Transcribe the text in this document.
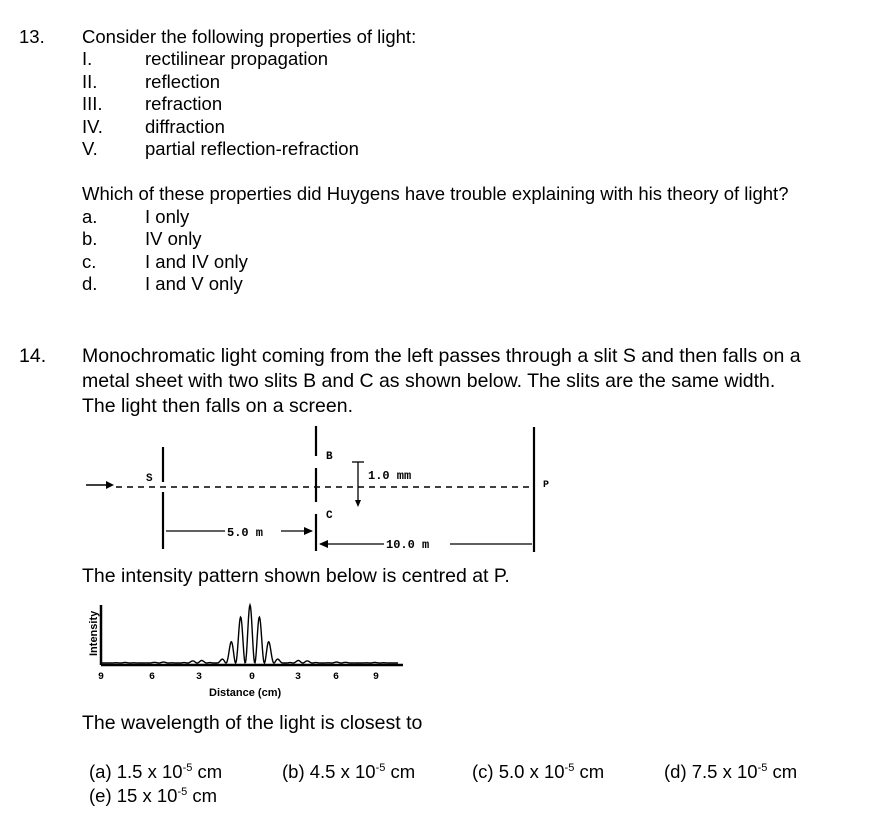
13. Consider the following properties of light:
I.	rectilinear propagation
II.	reflection
III. refraction
IV. diffraction
V.	partial reflection-refraction
Which of these properties did Huygens have trouble explaining with his theory of light?
a.	I only
b.	IV only
c.	I and IV only
d.	I and V only
14. Monochromatic light coming from the left passes through a slit S and then falls on a
metal sheet with two slits B and C as shown below. The slits are the same width.
The light then falls on a screen.
S
B
C
P
1.0 mm
5.0 m
10.0 m
The intensity pattern shown below is centred at P.
Intensity
9	6	3	0	3	6	9
Distance (cm)
The wavelength of the light is closest to
(a) 1.5 x $10^{-5}$ cm	(b) 4.5 x $10^{-5}$ cm	(c) 5.0 x $10^{-5}$ cm	(d) 7.5 x $10^{-5}$ cm
(e) 15 x $10^{-5}$ cm
